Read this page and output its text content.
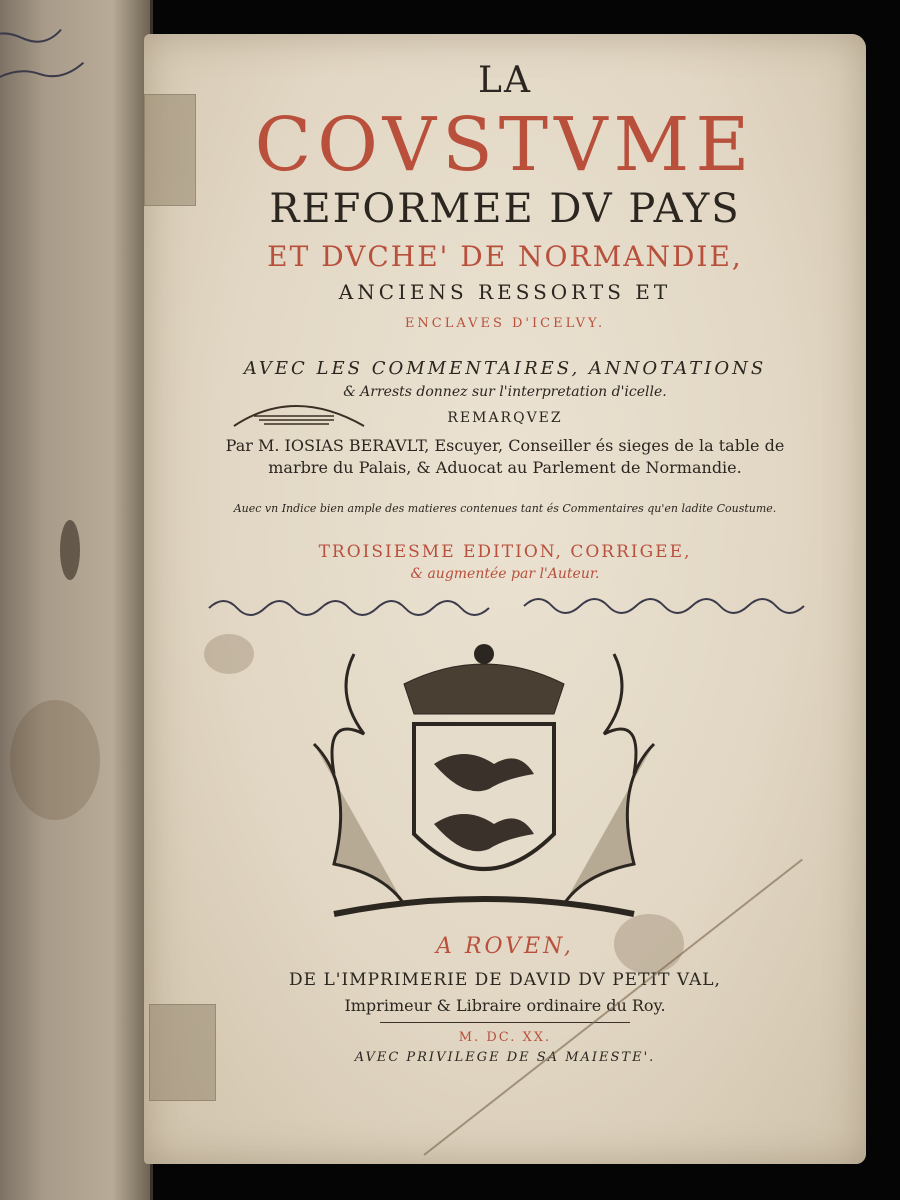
LA
COVSTVME
REFORMEE DV PAYS
ET DVCHE' DE NORMANDIE,
ANCIENS RESSORTS ET
ENCLAVES D'ICELVY.
AVEC LES COMMENTAIRES, ANNOTATIONS
& Arrests donnez sur l'interpretation d'icelle.
REMARQVEZ
Par M. IOSIAS BERAVLT, Escuyer, Conseiller és sieges de la table de
marbre du Palais, & Aduocat au Parlement de Normandie.
Auec vn Indice bien ample des matieres contenues tant és Commentaires qu'en ladite Coustume.
TROISIESME EDITION, CORRIGEE,
& augmentée par l'Auteur.
A ROVEN,
DE L'IMPRIMERIE DE DAVID DV PETIT VAL,
Imprimeur & Libraire ordinaire du Roy.
M. DC. XX.
AVEC PRIVILEGE DE SA MAIESTE'.
